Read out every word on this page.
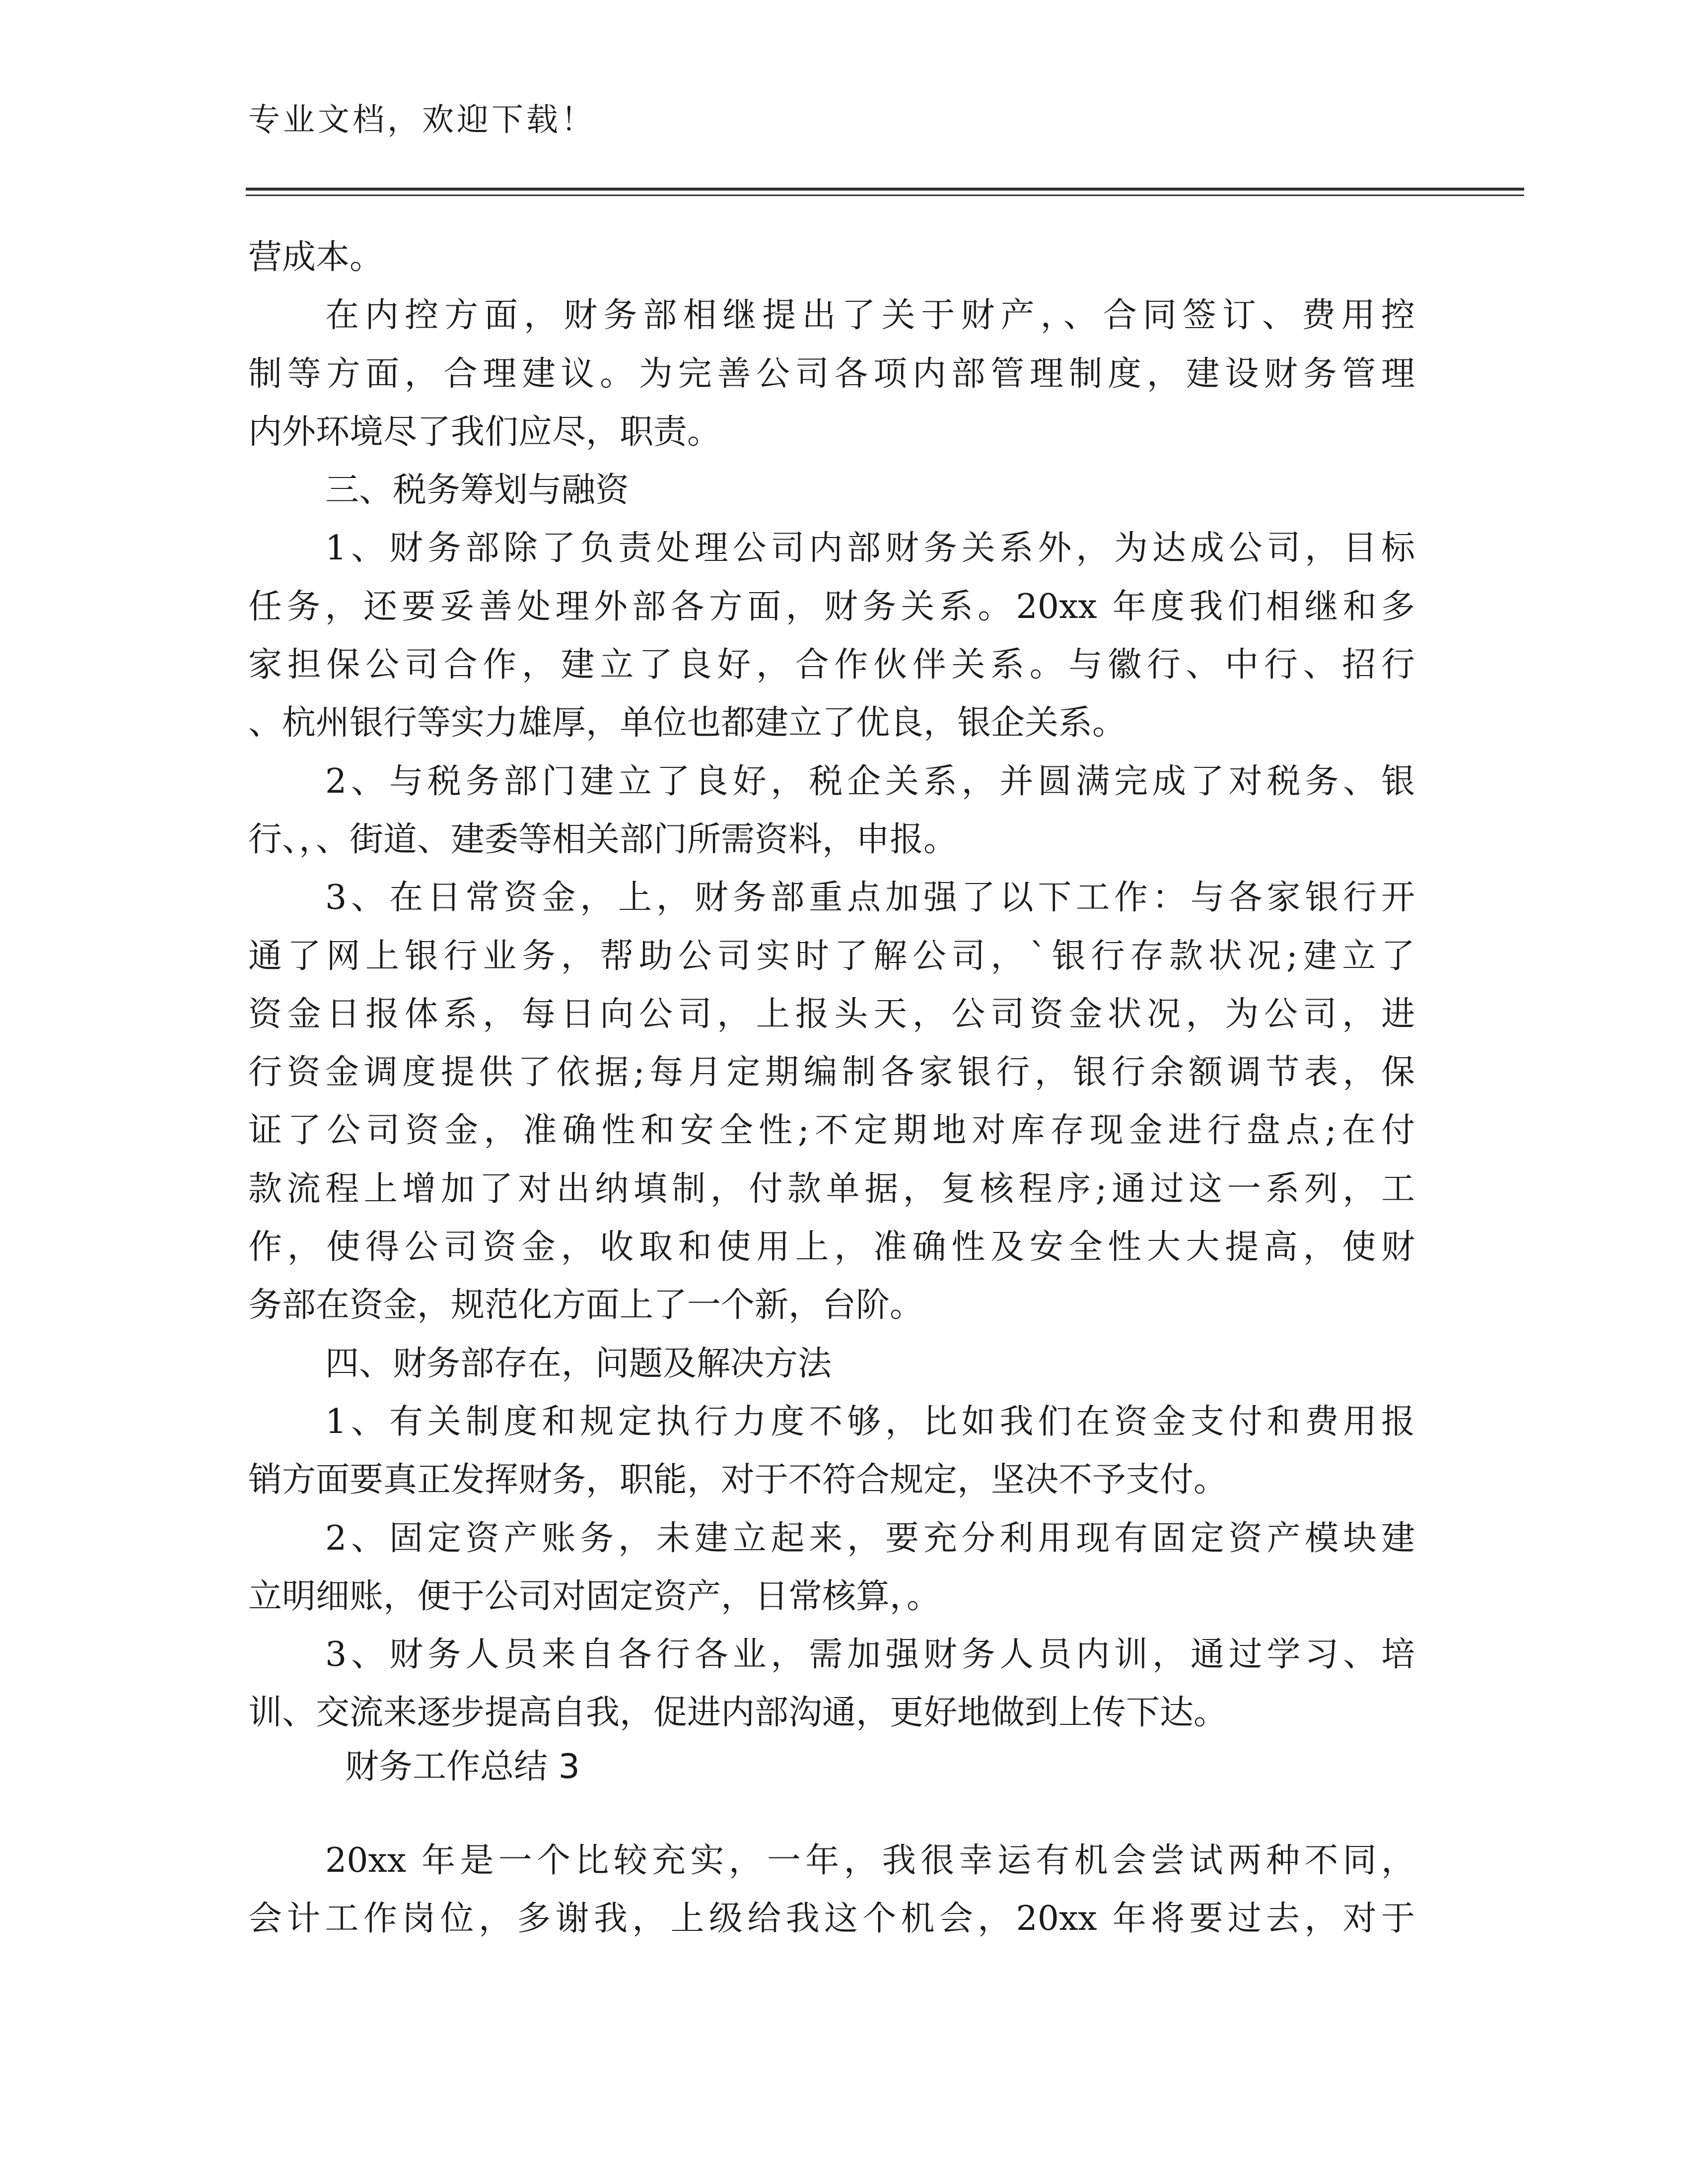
专业文档，欢迎下载！
营成本。
在内控方面，财务部相继提出了关于财产，、合同签订、费用控
制等方面，合理建议。为完善公司各项内部管理制度，建设财务管理
内外环境尽了我们应尽，职责。
三、税务筹划与融资
1、财务部除了负责处理公司内部财务关系外，为达成公司，目标
任务，还要妥善处理外部各方面，财务关系。20xx 年度我们相继和多
家担保公司合作，建立了良好，合作伙伴关系。与徽行、中行、招行
、杭州银行等实力雄厚，单位也都建立了优良，银企关系。
2、与税务部门建立了良好，税企关系，并圆满完成了对税务、银
行、，、街道、建委等相关部门所需资料，申报。
3、在日常资金，上，财务部重点加强了以下工作：与各家银行开
通了网上银行业务，帮助公司实时了解公司，`银行存款状况;建立了
资金日报体系，每日向公司，上报头天，公司资金状况，为公司，进
行资金调度提供了依据;每月定期编制各家银行，银行余额调节表，保
证了公司资金，准确性和安全性;不定期地对库存现金进行盘点;在付
款流程上增加了对出纳填制，付款单据，复核程序;通过这一系列，工
作，使得公司资金，收取和使用上，准确性及安全性大大提高，使财
务部在资金，规范化方面上了一个新，台阶。
四、财务部存在，问题及解决方法
1、有关制度和规定执行力度不够，比如我们在资金支付和费用报
销方面要真正发挥财务，职能，对于不符合规定，坚决不予支付。
2、固定资产账务，未建立起来，要充分利用现有固定资产模块建
立明细账，便于公司对固定资产，日常核算，。
3、财务人员来自各行各业，需加强财务人员内训，通过学习、培
训、交流来逐步提高自我，促进内部沟通，更好地做到上传下达。
财务工作总结 3
20xx 年是一个比较充实，一年，我很幸运有机会尝试两种不同，
会计工作岗位，多谢我，上级给我这个机会，20xx 年将要过去，对于
